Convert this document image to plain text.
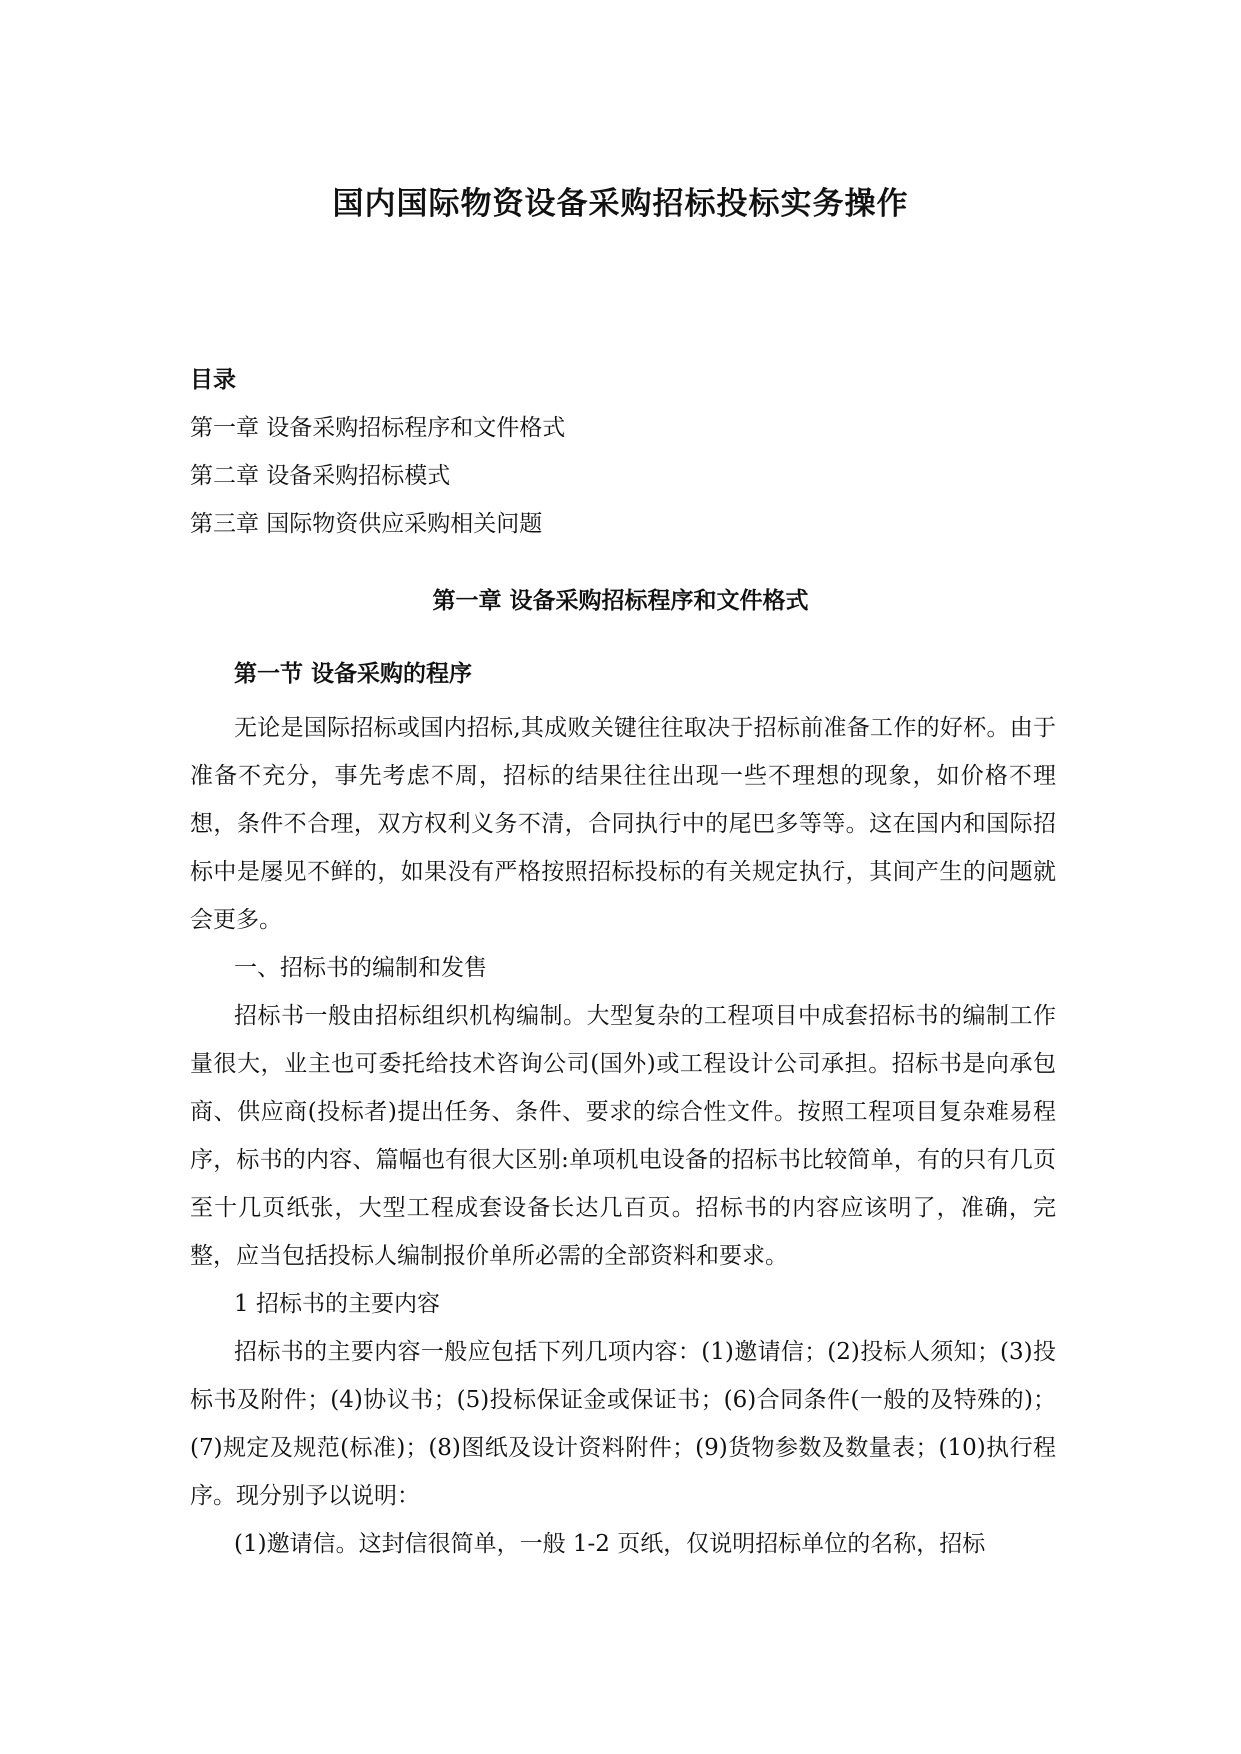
国内国际物资设备采购招标投标实务操作
目录
第一章 设备采购招标程序和文件格式
第二章 设备采购招标模式
第三章 国际物资供应采购相关问题
第一章 设备采购招标程序和文件格式
第一节 设备采购的程序

无论是国际招标或国内招标,其成败关键往往取决于招标前准备工作的好杯。由于准备不充分，事先考虑不周，招标的结果往往出现一些不理想的现象，如价格不理想，条件不合理，双方权利义务不清，合同执行中的尾巴多等等。这在国内和国际招标中是屡见不鲜的，如果没有严格按照招标投标的有关规定执行，其间产生的问题就会更多。

一、招标书的编制和发售

招标书一般由招标组织机构编制。大型复杂的工程项目中成套招标书的编制工作量很大，业主也可委托给技术咨询公司(国外)或工程设计公司承担。招标书是向承包商、供应商(投标者)提出任务、条件、要求的综合性文件。按照工程项目复杂难易程序，标书的内容、篇幅也有很大区别:单项机电设备的招标书比较简单，有的只有几页至十几页纸张，大型工程成套设备长达几百页。招标书的内容应该明了，准确，完整，应当包括投标人编制报价单所必需的全部资料和要求。

1 招标书的主要内容

招标书的主要内容一般应包括下列几项内容：(1)邀请信；(2)投标人须知；(3)投标书及附件；(4)协议书；(5)投标保证金或保证书；(6)合同条件(一般的及特殊的)；(7)规定及规范(标准)；(8)图纸及设计资料附件；(9)货物参数及数量表；(10)执行程序。现分别予以说明：

(1)邀请信。这封信很简单，一般 1-2 页纸，仅说明招标单位的名称，招标
